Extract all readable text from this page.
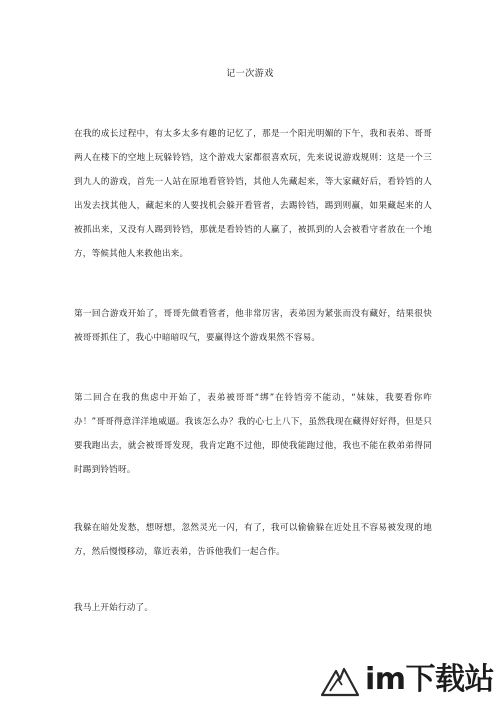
记一次游戏

在我的成长过程中，有太多太多有趣的记忆了，那是一个阳光明媚的下午，我和表弟、哥哥两人在楼下的空地上玩躲铃铛，这个游戏大家都很喜欢玩，先来说说游戏规则：这是一个三到九人的游戏，首先一人站在原地看管铃铛，其他人先藏起来，等大家藏好后，看铃铛的人出发去找其他人，藏起来的人要找机会躲开看管者，去踢铃铛，踢到则赢，如果藏起来的人被抓出来，又没有人踢到铃铛，那就是看铃铛的人赢了，被抓到的人会被看守者放在一个地方，等候其他人来救他出来。

第一回合游戏开始了，哥哥先做看管者，他非常厉害，表弟因为紧张而没有藏好，结果很快被哥哥抓住了，我心中暗暗叹气，要赢得这个游戏果然不容易。

第二回合在我的焦虑中开始了，表弟被哥哥“绑”在铃铛旁不能动，“妹妹，我要看你咋办！”哥哥得意洋洋地威逼。我该怎么办？我的心七上八下，虽然我现在藏得好好得，但是只要我跑出去，就会被哥哥发现，我肯定跑不过他，即使我能跑过他，我也不能在救弟弟得同时踢到铃铛呀。

我躲在暗处发愁，想呀想，忽然灵光一闪，有了，我可以偷偷躲在近处且不容易被发现的地方，然后慢慢移动，靠近表弟，告诉他我们一起合作。

我马上开始行动了。

im下载站
